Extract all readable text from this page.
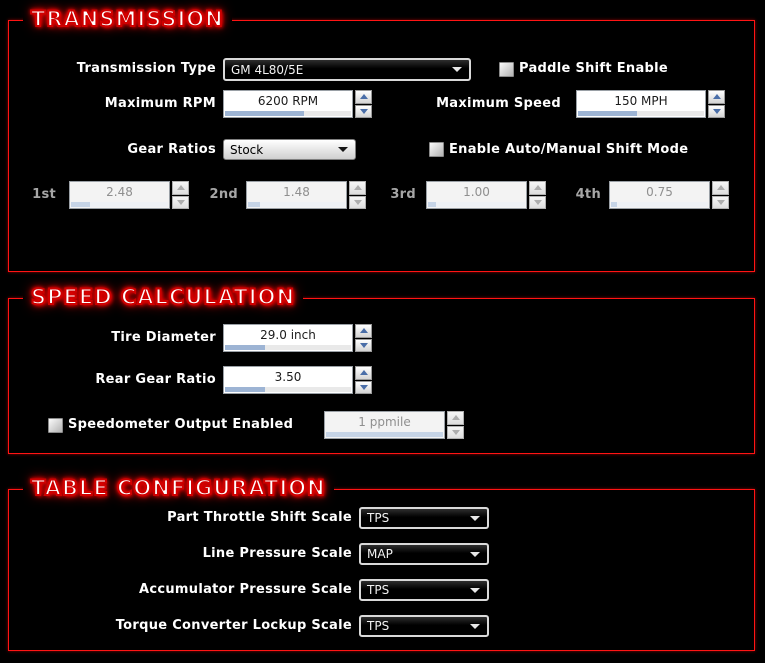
TRANSMISSION
Transmission Type	GM 4L80/5E	Paddle Shift Enable
Maximum RPM	6200 RPM	Maximum Speed	150 MPH
Gear Ratios	Stock	Enable Auto/Manual Shift Mode
1st	2.48	2nd	1.48	3rd	1.00	4th	0.75
SPEED CALCULATION
Tire Diameter	29.0 inch
Rear Gear Ratio	3.50
Speedometer Output Enabled	1 ppmile
TABLE CONFIGURATION
Part Throttle Shift Scale	TPS
Line Pressure Scale	MAP
Accumulator Pressure Scale	TPS
Torque Converter Lockup Scale	TPS
